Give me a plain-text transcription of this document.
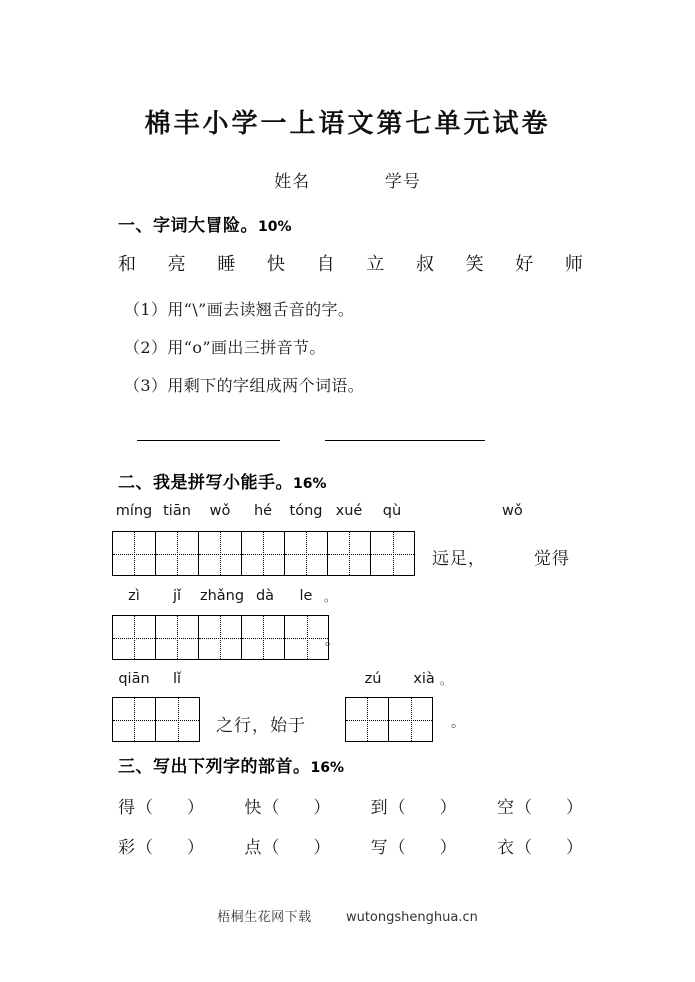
棉丰小学一上语文第七单元试卷
姓名	学号
一、字词大冒险。10%
和 亮 睡 快 自 立 叔 笑 好 师
（1）用“\”画去读翘舌音的字。
（2）用“o”画出三拼音节。
（3）用剩下的字组成两个词语。
二、我是拼写小能手。16%
míng tiān wǒ hé tóng xué qù	wǒ
远足，	觉得
zì jǐ zhǎng dà le 。
。
qiān lǐ	zú xià 。
之行，始于	。
三、写出下列字的部首。16%
得（ ） 快（ ） 到（ ） 空（ ）
彩（ ） 点（ ） 写（ ） 衣（ ）
梧桐生花网下载	wutongshenghua.cn
